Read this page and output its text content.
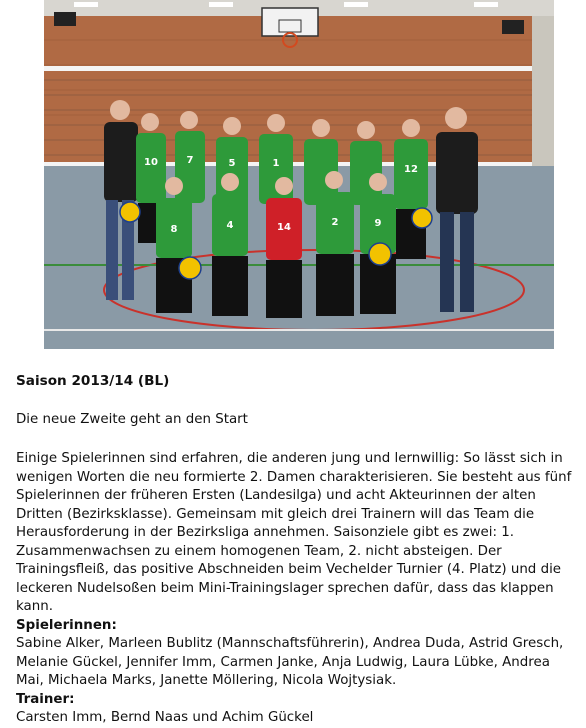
10	7	5	1
12
8	4	14	2	9

Saison 2013/14 (BL)

Die neue Zweite geht an den Start

Einige Spielerinnen sind erfahren, die anderen jung und lernwillig: So lässt sich in wenigen Worten die neu formierte 2. Damen charakterisieren. Sie besteht aus fünf Spielerinnen der früheren Ersten (Landesilga) und acht Akteurinnen der alten Dritten (Bezirksklasse). Gemeinsam mit gleich drei Trainern will das Team die Herausforderung in der Bezirksliga annehmen. Saisonziele gibt es zwei: 1. Zusammenwachsen zu einem homogenen Team, 2. nicht absteigen. Der Trainingsfleiß, das positive Abschneiden beim Vechelder Turnier (4. Platz) und die leckeren Nudelsoßen beim Mini-Trainingslager sprechen dafür, dass das klappen kann.

Spielerinnen:

Sabine Alker, Marleen Bublitz (Mannschaftsführerin), Andrea Duda, Astrid Gresch, Melanie Gückel, Jennifer Imm, Carmen Janke, Anja Ludwig, Laura Lübke, Andrea Mai, Michaela Marks, Janette Möllering, Nicola Wojtysiak.

Trainer:

Carsten Imm, Bernd Naas und Achim Gückel
